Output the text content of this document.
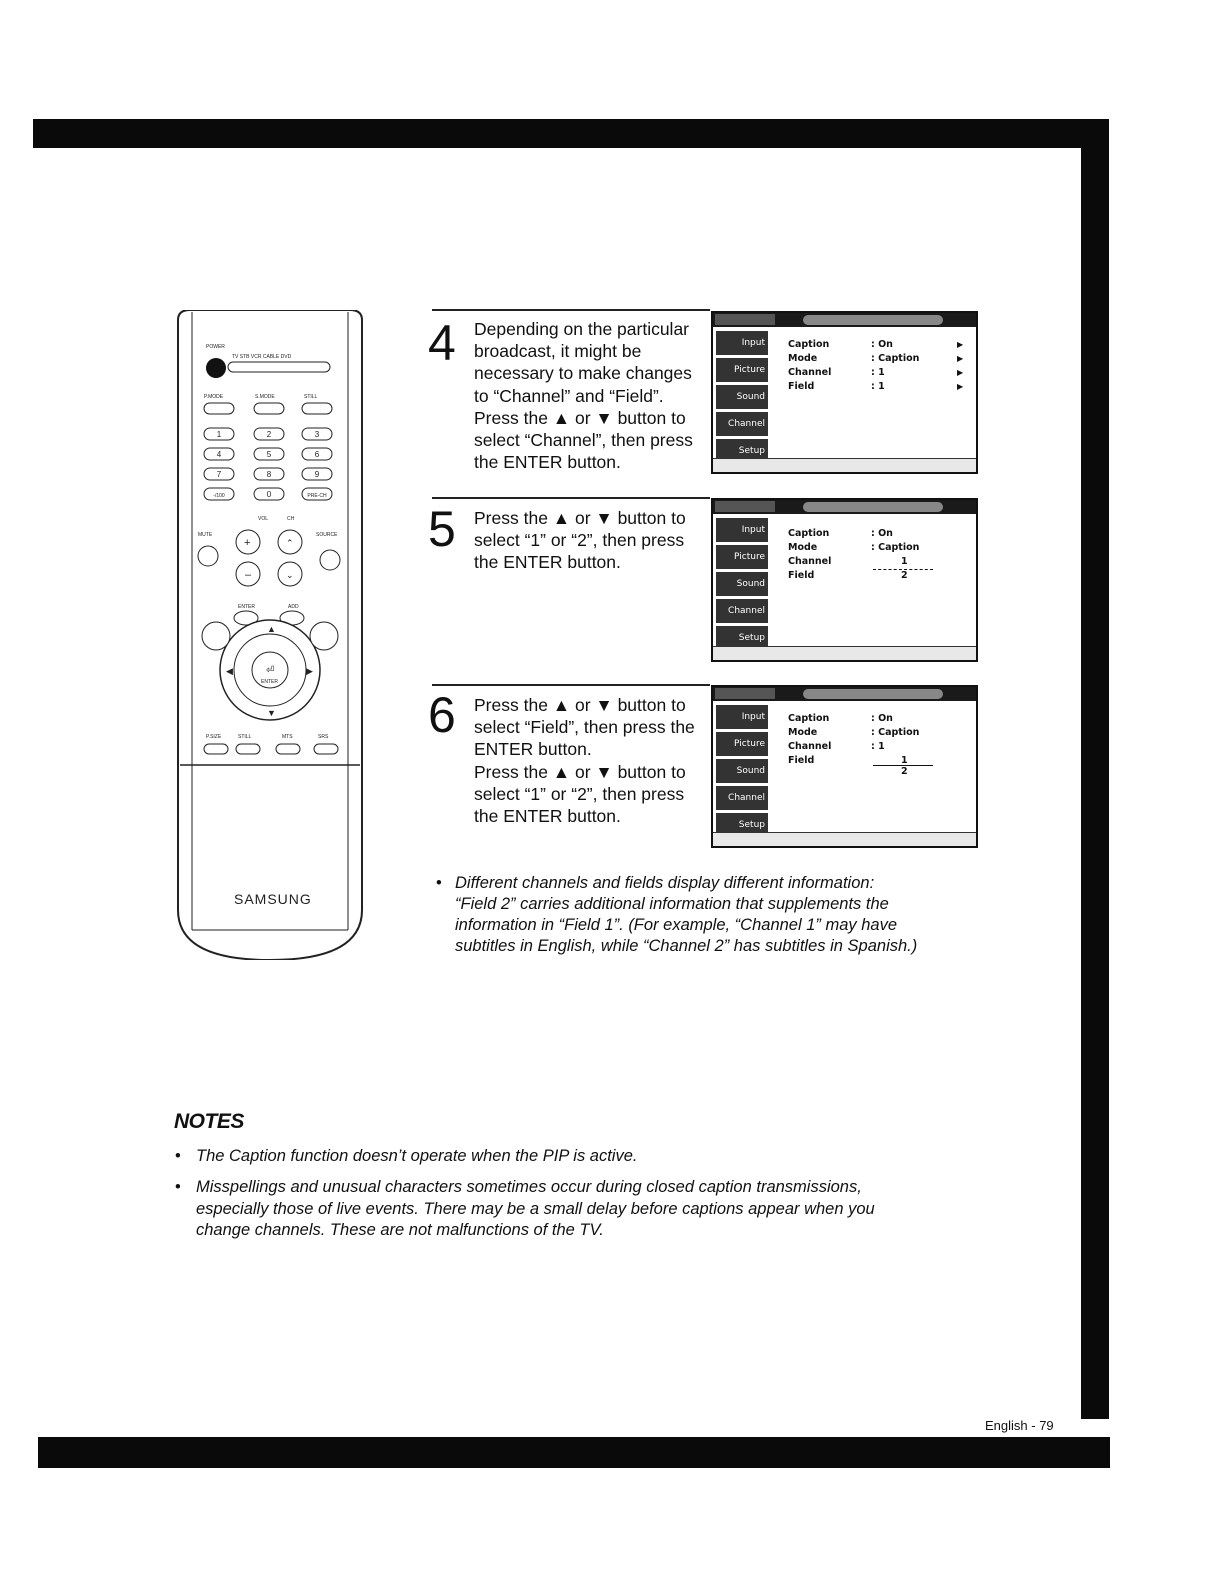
POWER
TV STB VCR CABLE DVD
P.MODE	S.MODE	STILL
1	2	3
4	5	6
7	8	9
-/100	0	PRE-CH
VOL	CH
MUTE	SOURCE
+
–
⌃
⌄
ENTER	ADD
ENTER
⏎
▲
▼
◀	▶
P.SIZE	STILL	MTS	SRS
SAMSUNG
4 Depending on the particular
broadcast, it might be
necessary to make changes
to “Channel” and “Field”.
Press the ▲ or ▼ button to
select “Channel”, then press
the ENTER button.
Input
Picture
Sound
Channel
Setup
Caption	: On	▶
Mode	: Caption	▶
Channel	: 1	▶
Field	: 1	▶
5 Press the ▲ or ▼ button to
select “1” or “2”, then press
the ENTER button.
Input
Picture
Sound
Channel
Setup
Caption	: On
Mode	: Caption
Channel	1
Field	2
6 Press the ▲ or ▼ button to
select “Field”, then press the
ENTER button.
Press the ▲ or ▼ button to
select “1” or “2”, then press
the ENTER button.
Input
Picture
Sound
Channel
Setup
Caption	: On
Mode	: Caption
Channel	: 1
Field	1
2
• Different channels and fields display different information:
“Field 2” carries additional information that supplements the
information in “Field 1”. (For example, “Channel 1” may have
subtitles in English, while “Channel 2” has subtitles in Spanish.)
NOTES
• The Caption function doesn’t operate when the PIP is active.
• Misspellings and unusual characters sometimes occur during closed caption transmissions,
especially those of live events. There may be a small delay before captions appear when you
change channels. These are not malfunctions of the TV.
English - 79
